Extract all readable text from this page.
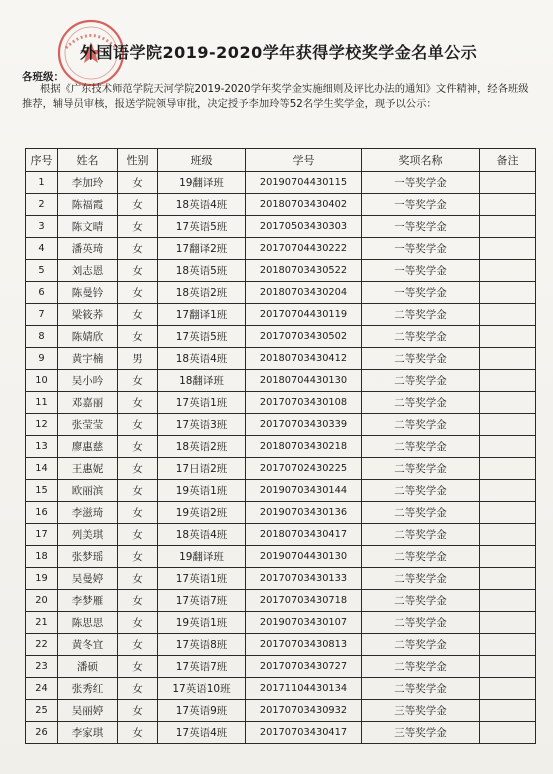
外国语学院2019-2020学年获得学校奖学金名单公示
各班级：
根据《广东技术师范学院天河学院2019-2020学年奖学金实施细则及评比办法的通知》文件精神，经各班级推荐，辅导员审核，报送学院领导审批，决定授予李加玲等52名学生奖学金，现予以公示：
序号	姓名	性别	班级	学号	奖项名称	备注
1	李加玲	女	19翻译班	20190704430115	一等奖学金	
2	陈福霞	女	18英语4班	20180703430402	一等奖学金	
3	陈文晴	女	17英语5班	20170503430303	一等奖学金	
4	潘英琦	女	17翻译2班	20170704430222	一等奖学金	
5	刘志恩	女	18英语5班	20180703430522	一等奖学金	
6	陈曼钤	女	18英语2班	20180703430204	一等奖学金	
7	梁筱荞	女	17翻译1班	20170704430119	二等奖学金	
8	陈婧欣	女	17英语5班	20170703430502	二等奖学金	
9	黄宇楠	男	18英语4班	20180703430412	二等奖学金	
10	吴小吟	女	18翻译班	20180704430130	二等奖学金	
11	邓嘉丽	女	17英语1班	20170703430108	二等奖学金	
12	张莹莹	女	17英语3班	20170703430339	二等奖学金	
13	廖惠慈	女	18英语2班	20180703430218	二等奖学金	
14	王惠妮	女	17日语2班	20170702430225	二等奖学金	
15	欧丽滨	女	19英语1班	20190703430144	二等奖学金	
16	李滋琦	女	19英语2班	20190703430136	二等奖学金	
17	列美琪	女	18英语4班	20180703430417	二等奖学金	
18	张梦瑶	女	19翻译班	20190704430130	二等奖学金	
19	吴曼婷	女	17英语1班	20170703430133	二等奖学金	
20	李梦雁	女	17英语7班	20170703430718	二等奖学金	
21	陈思思	女	19英语1班	20190703430107	二等奖学金	
22	黄冬宜	女	17英语8班	20170703430813	二等奖学金	
23	潘硕	女	17英语7班	20170703430727	二等奖学金	
24	张秀红	女	17英语10班	20171104430134	二等奖学金	
25	吴丽婷	女	17英语9班	20170703430932	三等奖学金	
26	李家琪	女	17英语4班	20170703430417	三等奖学金	
